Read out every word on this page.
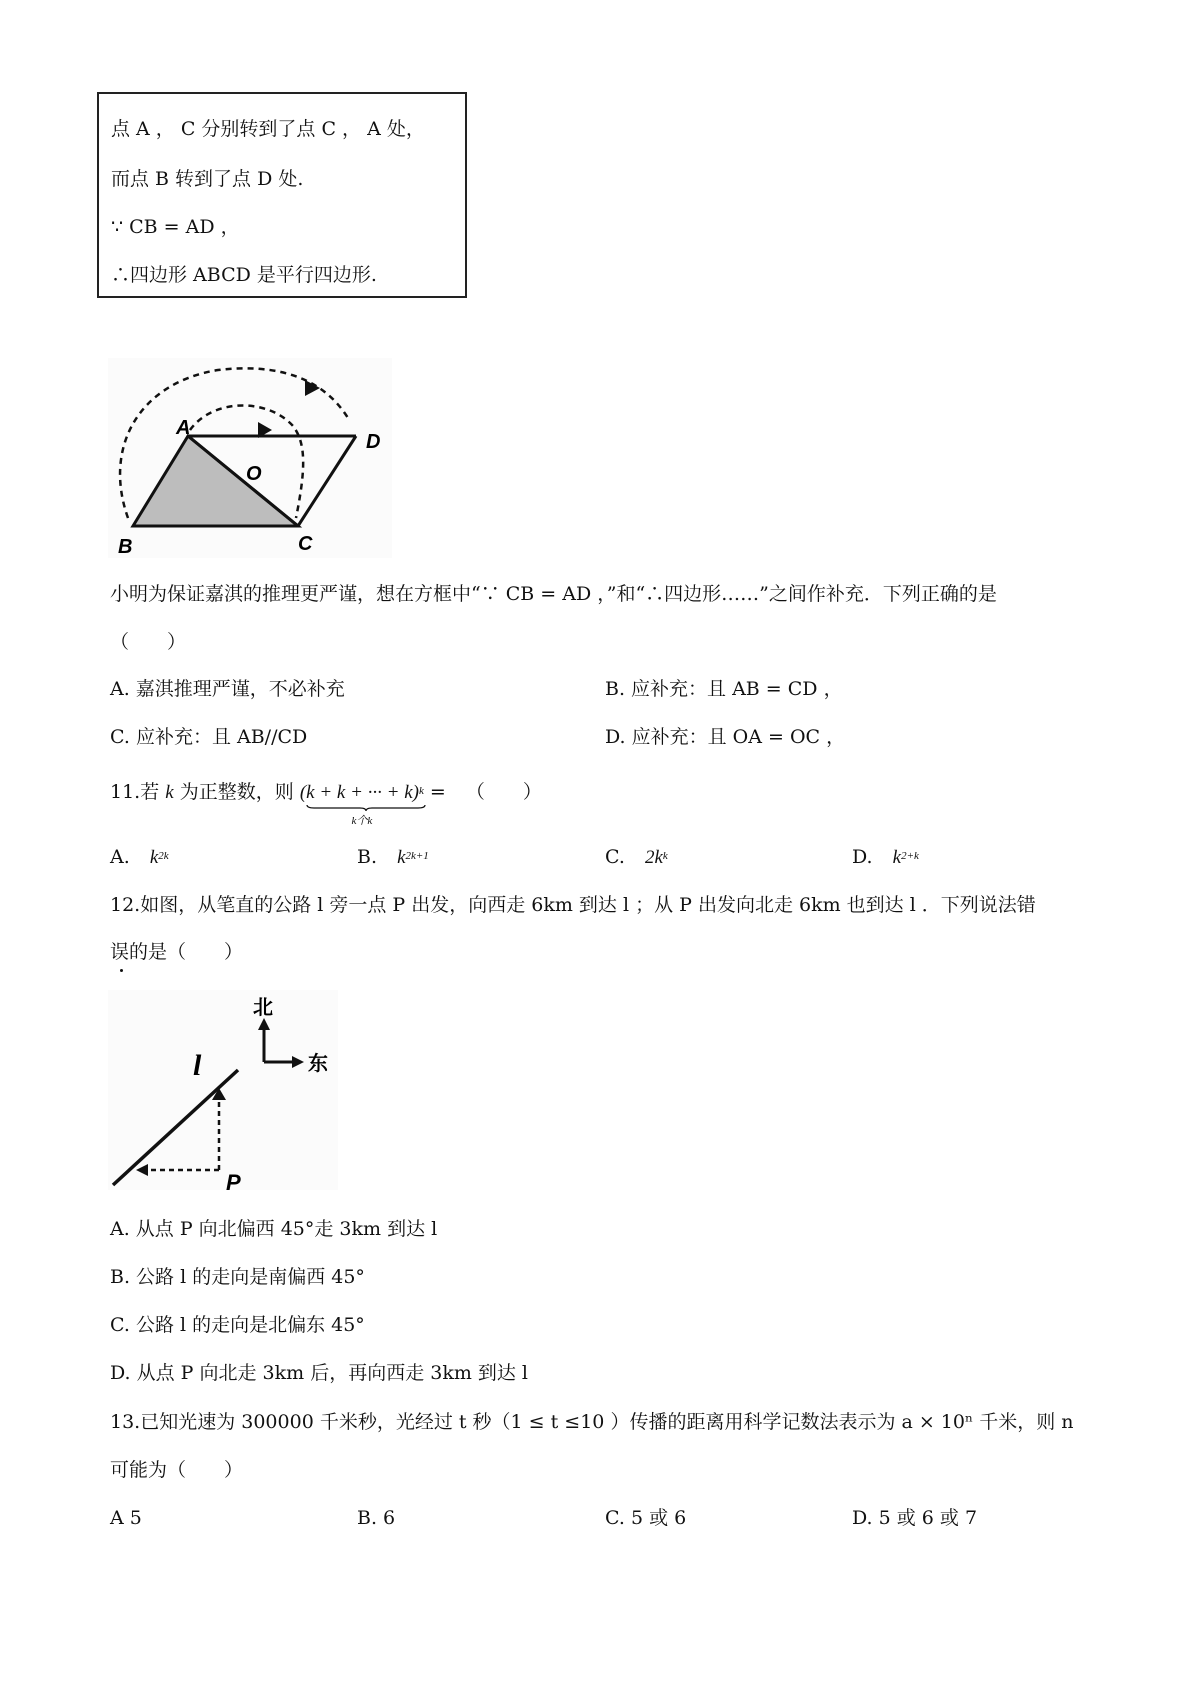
点 A ， C 分别转到了点 C ， A 处，
而点 B 转到了点 D 处.
∵ CB = AD ，
∴四边形 ABCD 是平行四边形.
A
B	C
D
O
小明为保证嘉淇的推理更严谨，想在方框中“∵ CB = AD ，”和“∴四边形……”之间作补充．下列正确的是
（　　）
A. 嘉淇推理严谨，不必补充	B. 应补充：且 AB = CD ，
C. 应补充：且 AB//CD	D. 应补充：且 OA = OC ，
11.若 k 为正整数，则 (k + k + ··· + k)$^k$
k个k
= （　　）
A. $k^{2k}$	B. $k^{2k+1}$	C. $2k^k$	D. $k^{2+k}$
12.如图，从笔直的公路 l 旁一点 P 出发，向西走 6km 到达 l ；从 P 出发向北走 6km 也到达 l ．下列说法错
误的是（　　）
l
P
北
东
A. 从点 P 向北偏西 45°走 3km 到达 l
B. 公路 l 的走向是南偏西 45°
C. 公路 l 的走向是北偏东 45°
D. 从点 P 向北走 3km 后，再向西走 3km 到达 l
13.已知光速为 300000 千米秒，光经过 t 秒（1 ≤ t ≤10 ）传播的距离用科学记数法表示为 a × 10ⁿ 千米，则 n
可能为（　　）
A 5	B. 6	C. 5 或 6	D. 5 或 6 或 7
